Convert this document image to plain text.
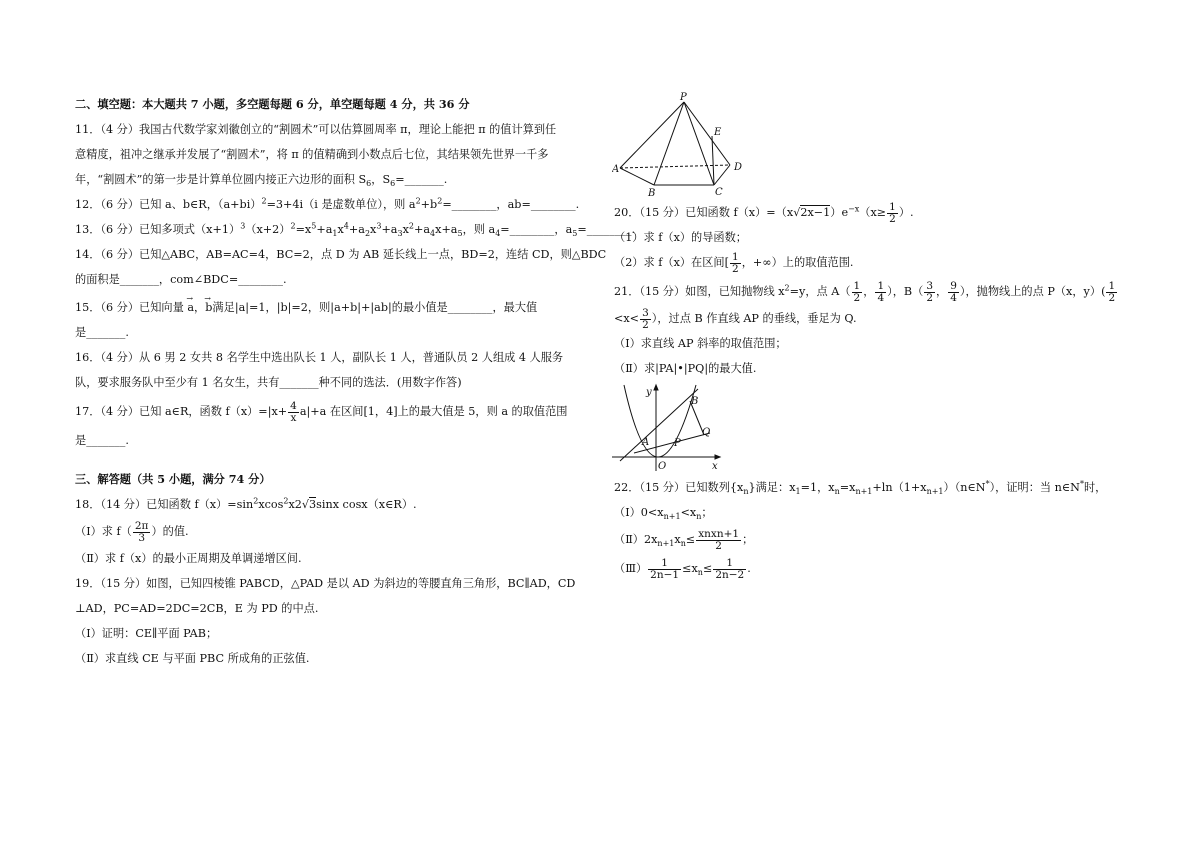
二、填空题：本大题共 7 小题，多空题每题 6 分，单空题每题 4 分，共 36 分
11．（4 分）我国古代数学家刘徽创立的“割圆术”可以估算圆周率 π，理论上能把 π 的值计算到任
意精度，祖冲之继承并发展了“割圆术”，将 π 的值精确到小数点后七位，其结果领先世界一千多
年，“割圆术”的第一步是计算单位圆内接正六边形的面积 $S_6$，$S_6=\_\_\_\_\_\_\_$.
12．（6 分）已知 a、b∈R，$(a+bi)^2=3+4i(i$ 是虚数单位），则 $a^2+b^2=\_\_\_\_\_\_\_\_$，ab=________.
13．（6 分）已知多项式$(x+1)^3(x+2)^2=x^5+a_1x^4+a_2x^3+a_3x^2+a_4x+a_5$，则 $a_4=\_\_\_\_\_\_\_\_$，$a_5=\_\_\_\_\_\_\_\_$.
14．（6 分）已知△ABC，AB=AC=4，BC=2，点 D 为 AB 延长线上一点，BD=2，连结 CD，则△BDC
的面积是_______，com∠BDC=________.
15．（6 分）已知向量 → a，→ b满足|a|=1，|b|=2，则|a+b|+|ab|的最小值是________，最大值
是_______.
16．（4 分）从 6 男 2 女共 8 名学生中选出队长 1 人，副队长 1 人，普通队员 2 人组成 4 人服务
队，要求服务队中至少有 1 名女生，共有_______种不同的选法．(用数字作答)
17．（4 分）已知 a∈R，函数 $f(x)=|x+ \frac{4}{x} a|+a$ 在区间[1，4]上的最大值是 5，则 a 的取值范围
是_______.
三、解答题（共 5 小题，满分 74 分）
18．（14 分）已知函数 $f(x)=\sin^2xcos^2x2√3\sin x$ cosx（x∈R）.
（Ⅰ）求 $f( \frac{2\pi}{3}$ ）的值.
（Ⅱ）求 f（x）的最小正周期及单调递增区间.
19．（15 分）如图，已知四棱锥 PABCD，△PAD 是以 AD 为斜边的等腰直角三角形，BC∥AD，CD
⊥AD，PC=AD=2DC=2CB，E 为 PD 的中点.
（Ⅰ）证明：CE∥平面 PAB；
（Ⅱ）求直线 CE 与平面 PBC 所成角的正弦值.
P
E
A	D
B	C
20．（15 分）已知函数 $f(x)=(x√2x-1)e^{-x}(x\ge \frac{1}{2}$ ）.
（1）求 f（x）的导函数；
（2）求 f（x）在区间[ $\frac{1}{2}$ ，+∞）上的取值范围.
21．（15 分）如图，已知抛物线 $x^2=y$，点 $A( \frac{1}{2}$ ， $\frac{1}{4}$ ），$B( \frac{3}{2}$ ， $\frac{9}{4}$ ），抛物线上的点 P（x，$y)( \frac{1}{2}$
$<x< \frac{3}{2}$ ），过点 B 作直线 AP 的垂线，垂足为 Q.
（Ⅰ）求直线 AP 斜率的取值范围；
（Ⅱ）求|PA|•|PQ|的最大值.
y
B
Q
A P
O	x
22．（15 分）已知数列$\{x_n\}$满足：$x_1=1$，$x_n=x_{n+1}+\ln(1+x_{n+1})(n\in N^*)$，证明：当 n∈N*时，
$(Ⅰ)0<x_{n+1}<x_n$；
$(Ⅱ)2x_{n+1}x_n\le \frac{\text{xnxn+1}}{2}$ ；
（Ⅲ） $\frac{1}{2n-1} \le x_n\le \frac{1}{2n-2}$ .
